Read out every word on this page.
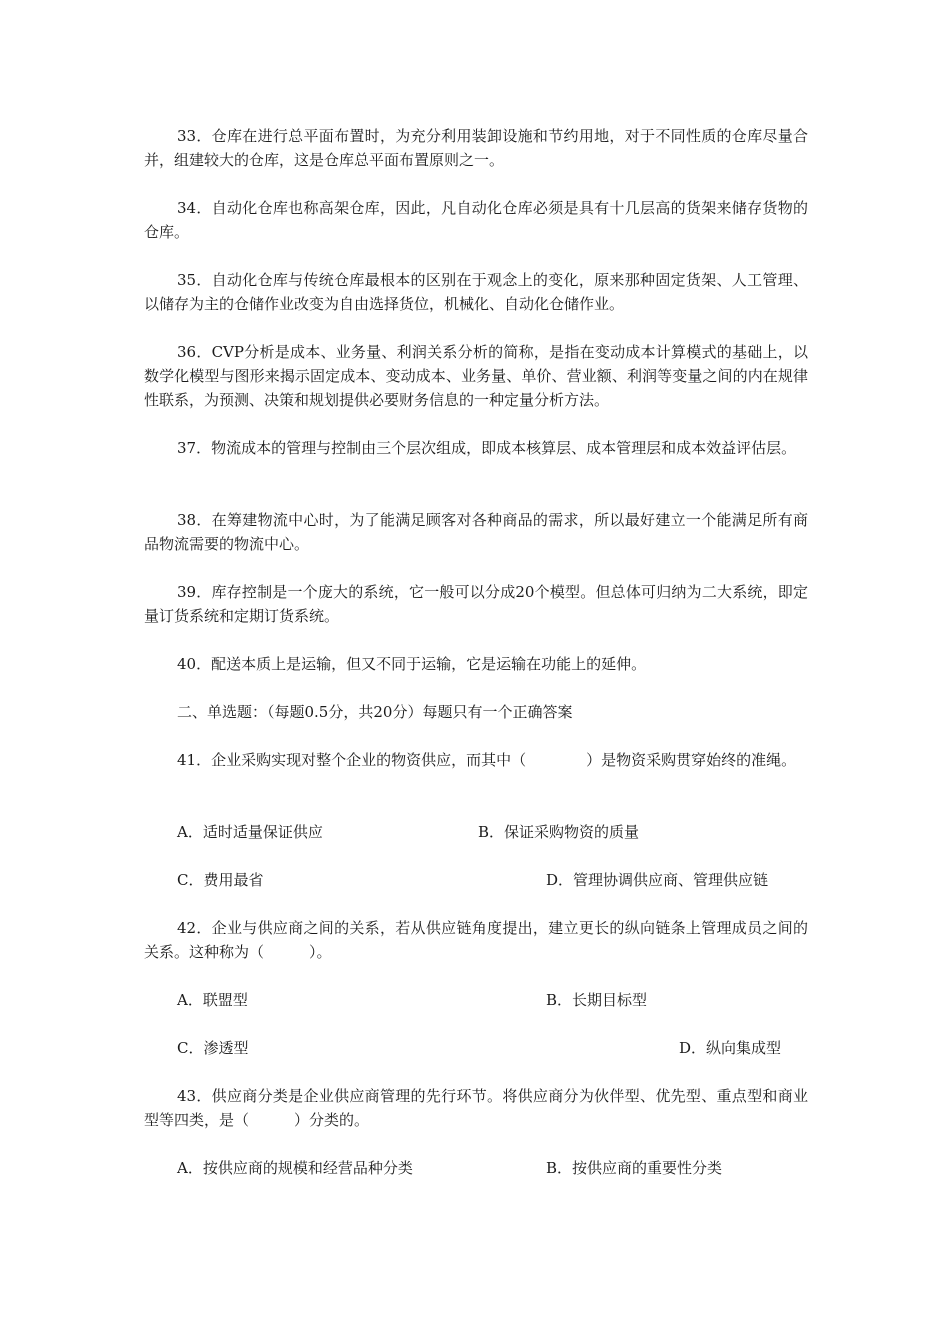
33．仓库在进行总平面布置时，为充分利用装卸设施和节约用地，对于不同性质的仓库尽量合并，组建较大的仓库，这是仓库总平面布置原则之一。

34．自动化仓库也称高架仓库，因此，凡自动化仓库必须是具有十几层高的货架来储存货物的仓库。

35．自动化仓库与传统仓库最根本的区别在于观念上的变化，原来那种固定货架、人工管理、以储存为主的仓储作业改变为自由选择货位，机械化、自动化仓储作业。

36．CVP分析是成本、业务量、利润关系分析的简称，是指在变动成本计算模式的基础上，以数学化模型与图形来揭示固定成本、变动成本、业务量、单价、营业额、利润等变量之间的内在规律性联系，为预测、决策和规划提供必要财务信息的一种定量分析方法。

37．物流成本的管理与控制由三个层次组成，即成本核算层、成本管理层和成本效益评估层。

38．在筹建物流中心时，为了能满足顾客对各种商品的需求，所以最好建立一个能满足所有商品物流需要的物流中心。

39．库存控制是一个庞大的系统，它一般可以分成20个模型。但总体可归纳为二大系统，即定量订货系统和定期订货系统。

40．配送本质上是运输，但又不同于运输，它是运输在功能上的延伸。

二、单选题：（每题0.5分，共20分）每题只有一个正确答案

41．企业采购实现对整个企业的物资供应，而其中（　　　　）是物资采购贯穿始终的准绳。

A．适时适量保证供应	B．保证采购物资的质量

C．费用最省	D．管理协调供应商、管理供应链

42．企业与供应商之间的关系，若从供应链角度提出，建立更长的纵向链条上管理成员之间的关系。这种称为（　　　）。

A．联盟型	B．长期目标型

C．渗透型	D．纵向集成型

43．供应商分类是企业供应商管理的先行环节。将供应商分为伙伴型、优先型、重点型和商业型等四类，是（　　　）分类的。

A．按供应商的规模和经营品种分类	B．按供应商的重要性分类
